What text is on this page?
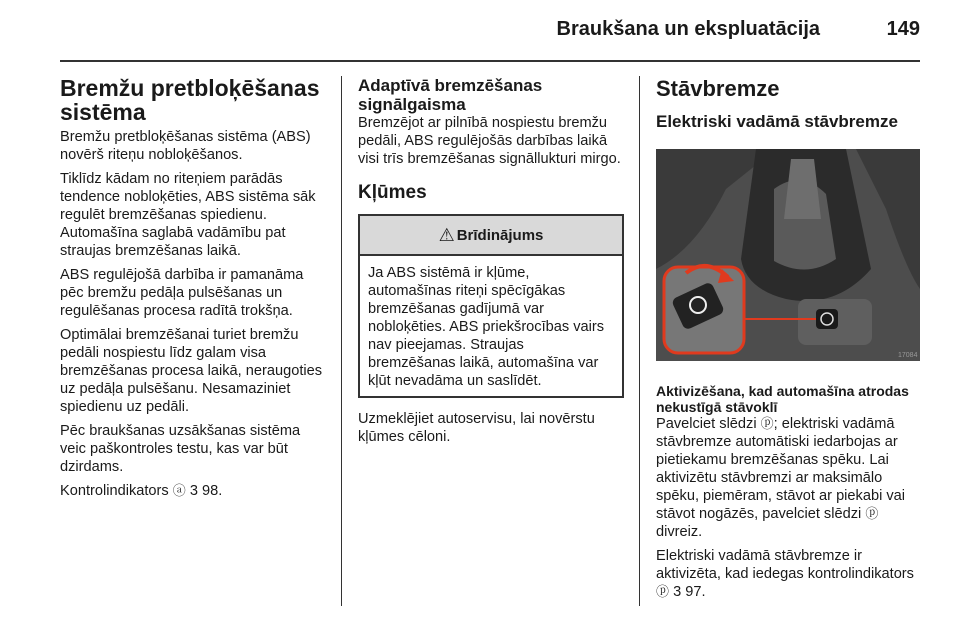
Braukšana un ekspluatācija	149
Bremžu pretbloķēšanas sistēma

Bremžu pretbloķēšanas sistēma (ABS) novērš riteņu nobloķēšanos.

Tiklīdz kādam no riteņiem parādās tendence nobloķēties, ABS sistēma sāk regulēt bremzēšanas spiedienu. Automašīna saglabā vadāmību pat straujas bremzēšanas laikā.

ABS regulējošā darbība ir pamanāma pēc bremžu pedāļa pulsēšanas un regulēšanas procesa radītā trokšņa.

Optimālai bremzēšanai turiet bremžu pedāli nospiestu līdz galam visa bremzēšanas procesa laikā, neraugoties uz pedāļa pulsēšanu. Nesamaziniet spiedienu uz pedāli.

Pēc braukšanas uzsākšanas sistēma veic paškontroles testu, kas var būt dzirdams.

Kontrolindikators ⓐ 3 98.

Adaptīvā bremzēšanas signālgaisma

Bremzējot ar pilnībā nospiestu bremžu pedāli, ABS regulējošās darbības laikā visi trīs bremzēšanas signāllukturi mirgo.

Kļūmes
⚠ Brīdinājums

Ja ABS sistēmā ir kļūme, automašīnas riteņi spēcīgākas bremzēšanas gadījumā var nobloķēties. ABS priekšrocības vairs nav pieejamas. Straujas bremzēšanas laikā, automašīna var kļūt nevadāma un saslīdēt.

Uzmeklējiet autoservisu, lai novērstu kļūmes cēloni.

Stāvbremze
Elektriski vadāmā stāvbremze
17084
Aktivizēšana, kad automašīna atrodas nekustīgā stāvoklī

Pavelciet slēdzi ⓟ; elektriski vadāmā stāvbremze automātiski iedarbojas ar pietiekamu bremzēšanas spēku. Lai aktivizētu stāvbremzi ar maksimālo spēku, piemēram, stāvot ar piekabi vai stāvot nogāzēs, pavelciet slēdzi ⓟ divreiz.

Elektriski vadāmā stāvbremze ir aktivizēta, kad iedegas kontrolindikators ⓟ 3 97.
